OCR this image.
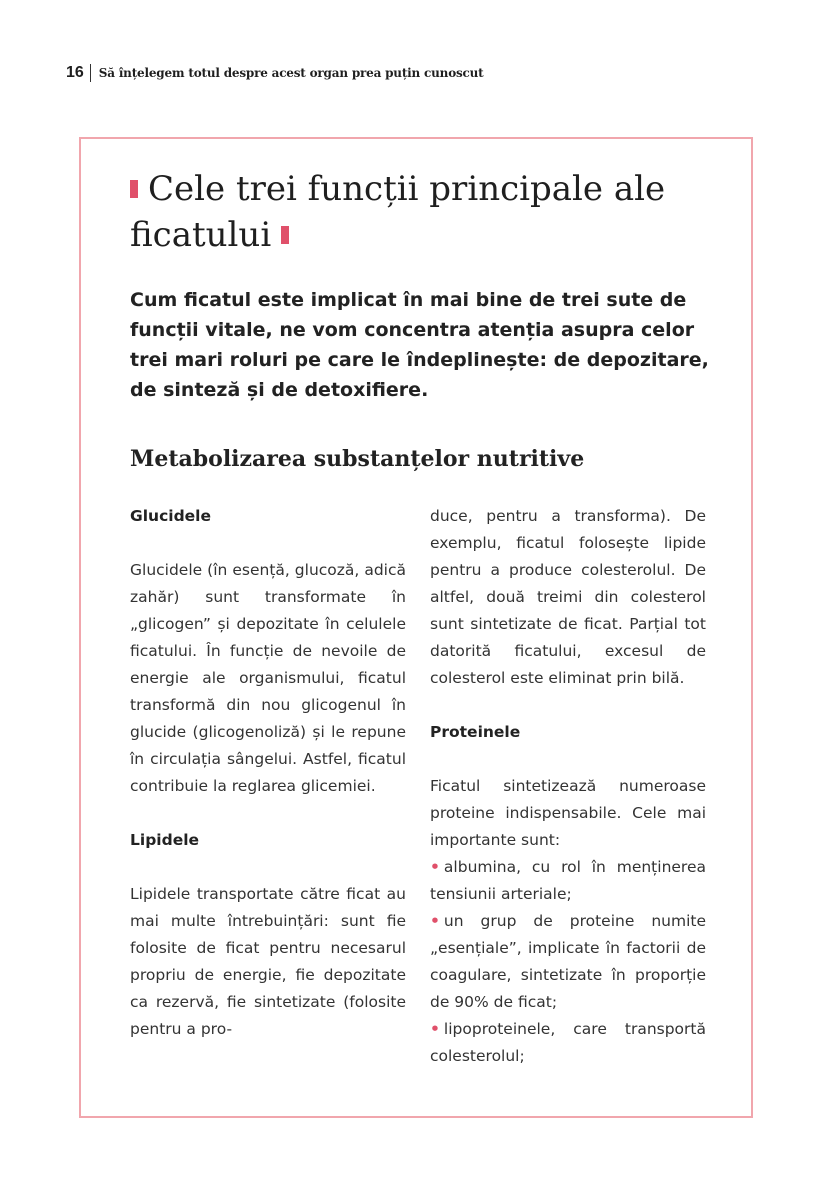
16 Să înțelegem totul despre acest organ prea puțin cunoscut
Cele trei funcții principale ale ficatului

Cum ficatul este implicat în mai bine de trei sute de funcții vitale, ne vom concentra atenția asupra celor trei mari roluri pe care le îndeplinește: de depozitare, de sinteză și de detoxifiere.

Metabolizarea substanțelor nutritive
Glucidele

Glucidele (în esență, glucoză, adică zahăr) sunt transformate în „glicogen” și depozitate în celulele ficatului. În funcție de nevoile de energie ale organismului, ficatul transformă din nou glicogenul în glucide (glicogenoliză) și le repune în circulația sângelui. Astfel, ficatul contribuie la reglarea glicemiei.

Lipidele

Lipidele transportate către ficat au mai multe întrebuințări: sunt fie folosite de ficat pentru necesarul propriu de energie, fie depozitate ca rezervă, fie sintetizate (folosite pentru a pro-

duce, pentru a transforma). De exemplu, ficatul folosește lipide pentru a produce colesterolul. De altfel, două treimi din colesterol sunt sintetizate de ficat. Parțial tot datorită ficatului, excesul de colesterol este eliminat prin bilă.

Proteinele

Ficatul sintetizează numeroase proteine indispensabile. Cele mai importante sunt:

• albumina, cu rol în menținerea tensiunii arteriale;

• un grup de proteine numite „esențiale”, implicate în factorii de coagulare, sintetizate în proporție de 90% de ficat;

• lipoproteinele, care transportă colesterolul;
